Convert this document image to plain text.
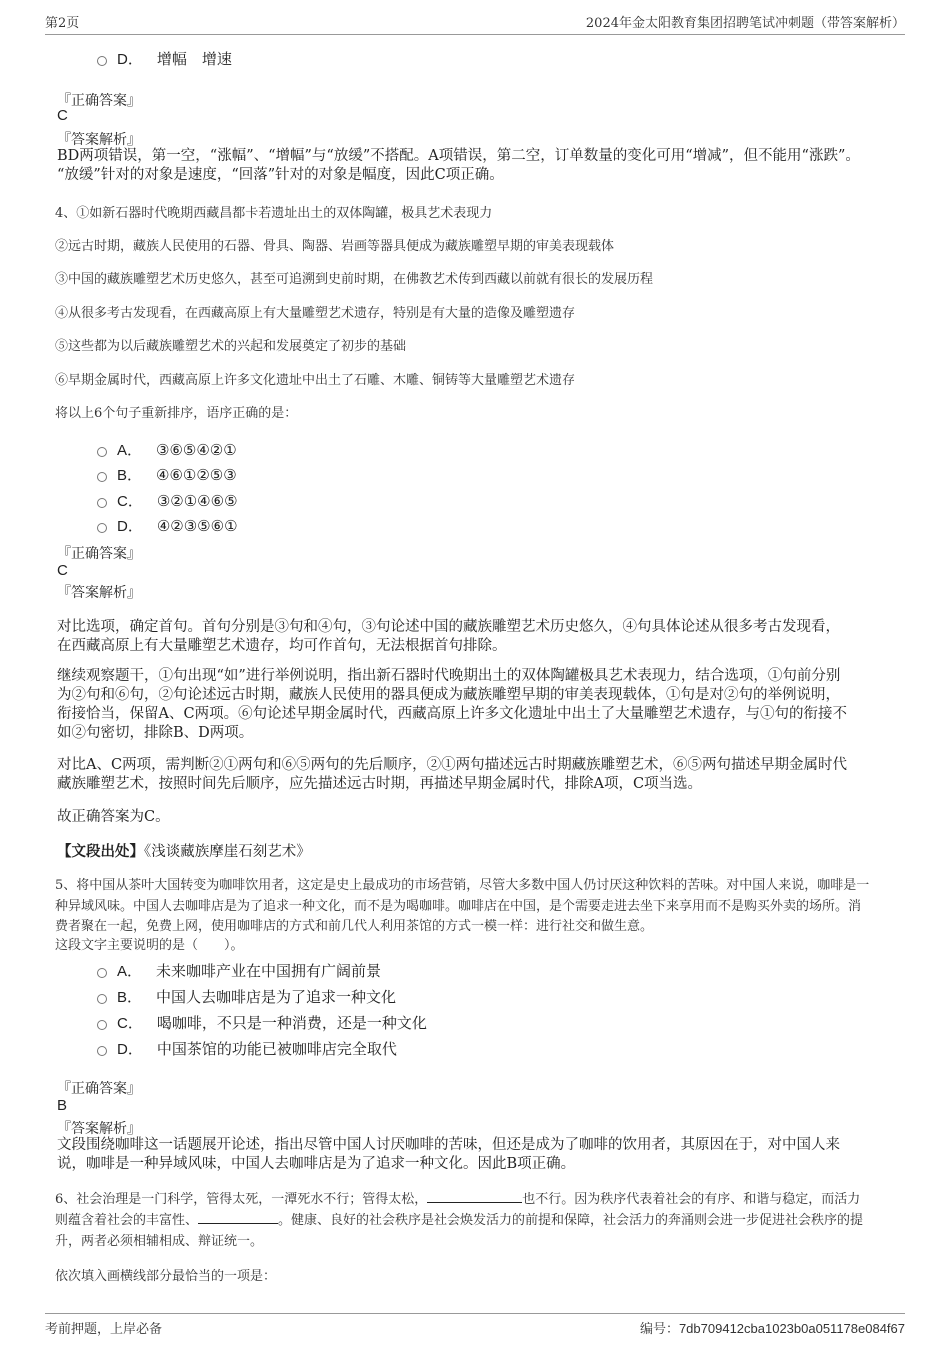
第2页	2024年金太阳教育集团招聘笔试冲刺题（带答案解析）
D． 增幅　增速
『正确答案』
C
『答案解析』
BD两项错误，第一空，“涨幅”、“增幅”与“放缓”不搭配。A项错误，第二空，订单数量的变化可用“增减”，但不能用“涨跌”。
“放缓”针对的对象是速度，“回落”针对的对象是幅度，因此C项正确。
4、①如新石器时代晚期西藏昌都卡若遗址出土的双体陶罐，极具艺术表现力
②远古时期，藏族人民使用的石器、骨具、陶器、岩画等器具便成为藏族雕塑早期的审美表现载体
③中国的藏族雕塑艺术历史悠久，甚至可追溯到史前时期，在佛教艺术传到西藏以前就有很长的发展历程
④从很多考古发现看，在西藏高原上有大量雕塑艺术遗存，特别是有大量的造像及雕塑遗存
⑤这些都为以后藏族雕塑艺术的兴起和发展奠定了初步的基础
⑥早期金属时代，西藏高原上许多文化遗址中出土了石雕、木雕、铜铸等大量雕塑艺术遗存
将以上6个句子重新排序，语序正确的是：
A． ③⑥⑤④②①
B． ④⑥①②⑤③
C． ③②①④⑥⑤
D． ④②③⑤⑥①
『正确答案』
C
『答案解析』
对比选项，确定首句。首句分别是③句和④句，③句论述中国的藏族雕塑艺术历史悠久，④句具体论述从很多考古发现看，
在西藏高原上有大量雕塑艺术遗存，均可作首句，无法根据首句排除。
继续观察题干，①句出现“如”进行举例说明，指出新石器时代晚期出土的双体陶罐极具艺术表现力，结合选项，①句前分别
为②句和⑥句，②句论述远古时期，藏族人民使用的器具便成为藏族雕塑早期的审美表现载体，①句是对②句的举例说明，
衔接恰当，保留A、C两项。⑥句论述早期金属时代，西藏高原上许多文化遗址中出土了大量雕塑艺术遗存，与①句的衔接不
如②句密切，排除B、D两项。
对比A、C两项，需判断②①两句和⑥⑤两句的先后顺序，②①两句描述远古时期藏族雕塑艺术，⑥⑤两句描述早期金属时代
藏族雕塑艺术，按照时间先后顺序，应先描述远古时期，再描述早期金属时代，排除A项，C项当选。
故正确答案为C。
【文段出处】《浅谈藏族摩崖石刻艺术》
5、将中国从茶叶大国转变为咖啡饮用者，这定是史上最成功的市场营销，尽管大多数中国人仍讨厌这种饮料的苦味。对中国人来说，咖啡是一
种异域风味。中国人去咖啡店是为了追求一种文化，而不是为喝咖啡。咖啡店在中国，是个需要走进去坐下来享用而不是购买外卖的场所。消
费者聚在一起，免费上网，使用咖啡店的方式和前几代人利用茶馆的方式一模一样：进行社交和做生意。
这段文字主要说明的是（　　）。
A． 未来咖啡产业在中国拥有广阔前景
B． 中国人去咖啡店是为了追求一种文化
C． 喝咖啡，不只是一种消费，还是一种文化
D． 中国茶馆的功能已被咖啡店完全取代
『正确答案』
B
『答案解析』
文段围绕咖啡这一话题展开论述，指出尽管中国人讨厌咖啡的苦味，但还是成为了咖啡的饮用者，其原因在于，对中国人来
说，咖啡是一种异域风味，中国人去咖啡店是为了追求一种文化。因此B项正确。
6、社会治理是一门科学，管得太死，一潭死水不行；管得太松，	也不行。因为秩序代表着社会的有序、和谐与稳定，而活力
则蕴含着社会的丰富性、	。健康、良好的社会秩序是社会焕发活力的前提和保障，社会活力的奔涌则会进一步促进社会秩序的提
升，两者必须相辅相成、辩证统一。
依次填入画横线部分最恰当的一项是：
考前押题，上岸必备	编号：7db709412cba1023b0a051178e084f67
